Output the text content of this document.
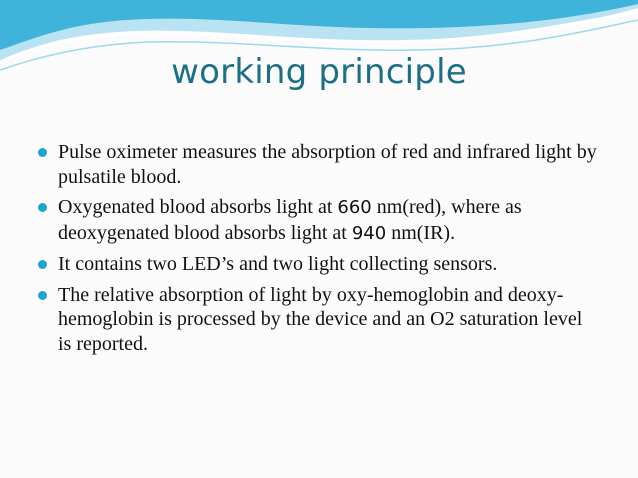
working principle
Pulse oximeter measures the absorption of red and infrared light by pulsatile blood.
Oxygenated blood absorbs light at 660 nm(red), where as deoxygenated blood absorbs light at 940 nm(IR).
It contains two LED’s and two light collecting sensors.
The relative absorption of light by oxy-hemoglobin and deoxy-hemoglobin is processed by the device and an O2 saturation level is reported.
